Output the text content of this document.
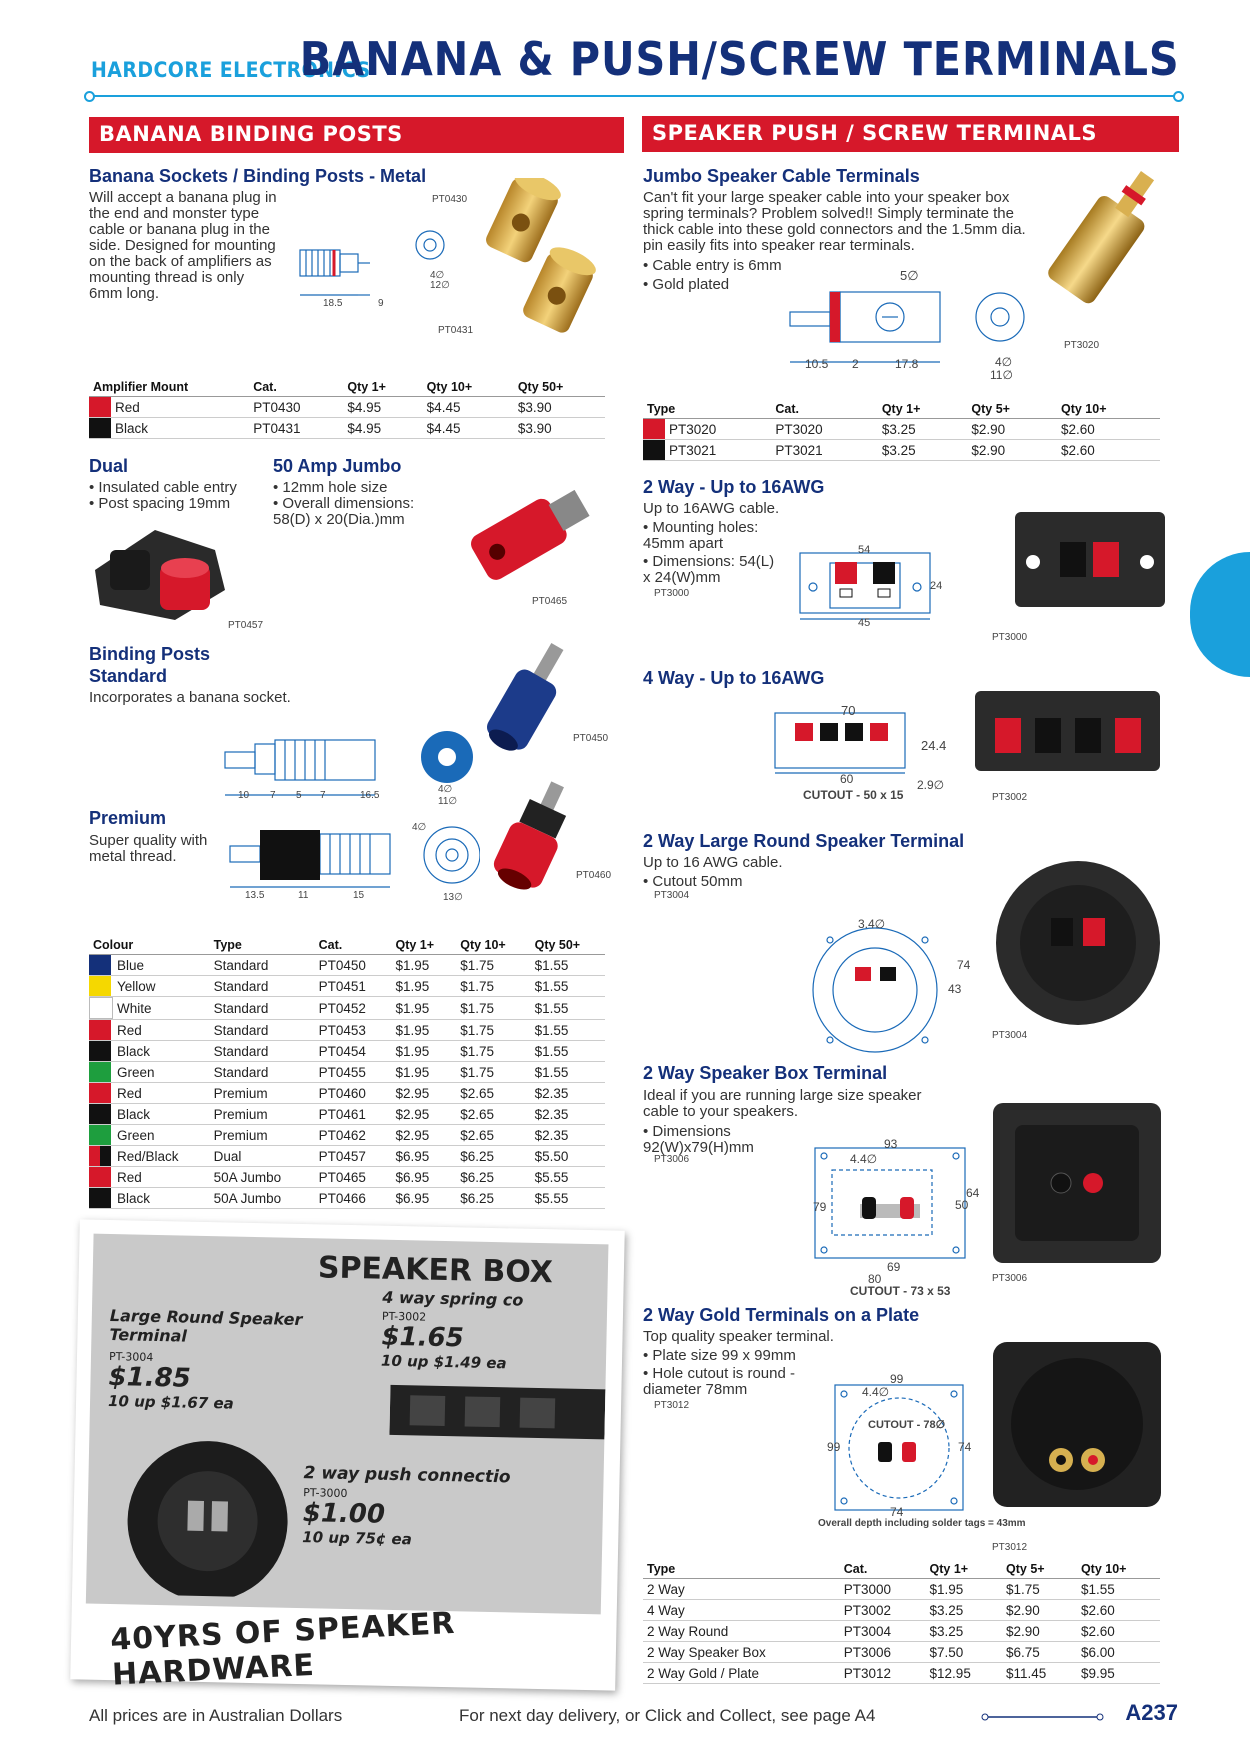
HARDCORE ELECTRONICS
BANANA & PUSH/SCREW TERMINALS
BANANA BINDING POSTS
Banana Sockets / Binding Posts - Metal
Will accept a banana plug in the end and monster type cable or banana plug in the side. Designed for mounting on the back of amplifiers as mounting thread is only 6mm long.
PT0430
PT0431
18.5	9
4∅
12∅
Amplifier Mount		Cat.	Qty 1+	Qty 10+	Qty 50+

	Red	PT0430	$4.95	$4.45	$3.90

	Black	PT0431	$4.95	$4.45	$3.90
Dual
• Insulated cable entry
• Post spacing 19mm
PT0457
50 Amp Jumbo
• 12mm hole size
• Overall dimensions: 58(D) x 20(Dia.)mm
PT0465
Binding Posts
Standard
Incorporates a banana socket.
10 7 5 7	16.5
4∅
11∅
PT0450
Premium
Super quality with metal thread.
13.5	11	15
4∅
13∅
PT0460
Colour		Type	Cat.	Qty 1+	Qty 10+	Qty 50+

	Blue	Standard	PT0450	$1.95	$1.75	$1.55

	Yellow	Standard	PT0451	$1.95	$1.75	$1.55

	White	Standard	PT0452	$1.95	$1.75	$1.55

	Red	Standard	PT0453	$1.95	$1.75	$1.55

	Black	Standard	PT0454	$1.95	$1.75	$1.55

	Green	Standard	PT0455	$1.95	$1.75	$1.55

	Red	Premium	PT0460	$2.95	$2.65	$2.35

	Black	Premium	PT0461	$2.95	$2.65	$2.35

	Green	Premium	PT0462	$2.95	$2.65	$2.35

	Red/Black	Dual	PT0457	$6.95	$6.25	$5.50

	Red	50A Jumbo	PT0465	$6.95	$6.25	$5.55

	Black	50A Jumbo	PT0466	$6.95	$6.25	$5.55
SPEAKER PUSH / SCREW TERMINALS
Jumbo Speaker Cable Terminals
Can't fit your large speaker cable into your speaker box spring terminals? Problem solved!! Simply terminate the thick cable into these gold connectors and the 1.5mm dia. pin easily fits into speaker rear terminals.
• Cable entry is 6mm
• Gold plated
5∅
10.5 2	17.8	4∅
11∅
PT3020
Type		Cat.	Qty 1+	Qty 5+	Qty 10+

	PT3020	PT3020	$3.25	$2.90	$2.60

	PT3021	PT3021	$3.25	$2.90	$2.60
2 Way - Up to 16AWG
Up to 16AWG cable.
• Mounting holes: 45mm apart
• Dimensions: 54(L) x 24(W)mm
PT3000
54
24
45
PT3000
4 Way - Up to 16AWG
70
24.4
60
CUTOUT - 50 x 15
2.9∅
PT3002
2 Way Large Round Speaker Terminal
Up to 16 AWG cable.
• Cutout 50mm
PT3004
3.4∅
74
43
PT3004
2 Way Speaker Box Terminal
Ideal if you are running large size speaker cable to your speakers.
• Dimensions 92(W)x79(H)mm
PT3006
93
4.4∅
79
64
50
69
80
CUTOUT - 73 x 53
PT3006
2 Way Gold Terminals on a Plate
Top quality speaker terminal.
• Plate size 99 x 99mm
• Hole cutout is round - diameter 78mm
PT3012
99
4.4∅
CUTOUT - 78∅
99	74
74
Overall depth including solder tags = 43mm
PT3012
Type	Cat.	Qty 1+	Qty 5+	Qty 10+
2 Way	PT3000	$1.95	$1.75	$1.55
4 Way	PT3002	$3.25	$2.90	$2.60
2 Way Round	PT3004	$3.25	$2.90	$2.60
2 Way Speaker Box	PT3006	$7.50	$6.75	$6.00
2 Way Gold / Plate	PT3012	$12.95	$11.45	$9.95
SPEAKER BOX
4 way spring co
PT-3002
$1.65
10 up $1.49 ea
Large Round Speaker Terminal
PT-3004
$1.85
10 up $1.67 ea
2 way push connectio
PT-3000
$1.00
10 up 75¢ ea
40YRS OF SPEAKER HARDWARE
All prices are in Australian Dollars	For next day delivery, or Click and Collect, see page A4	A237
